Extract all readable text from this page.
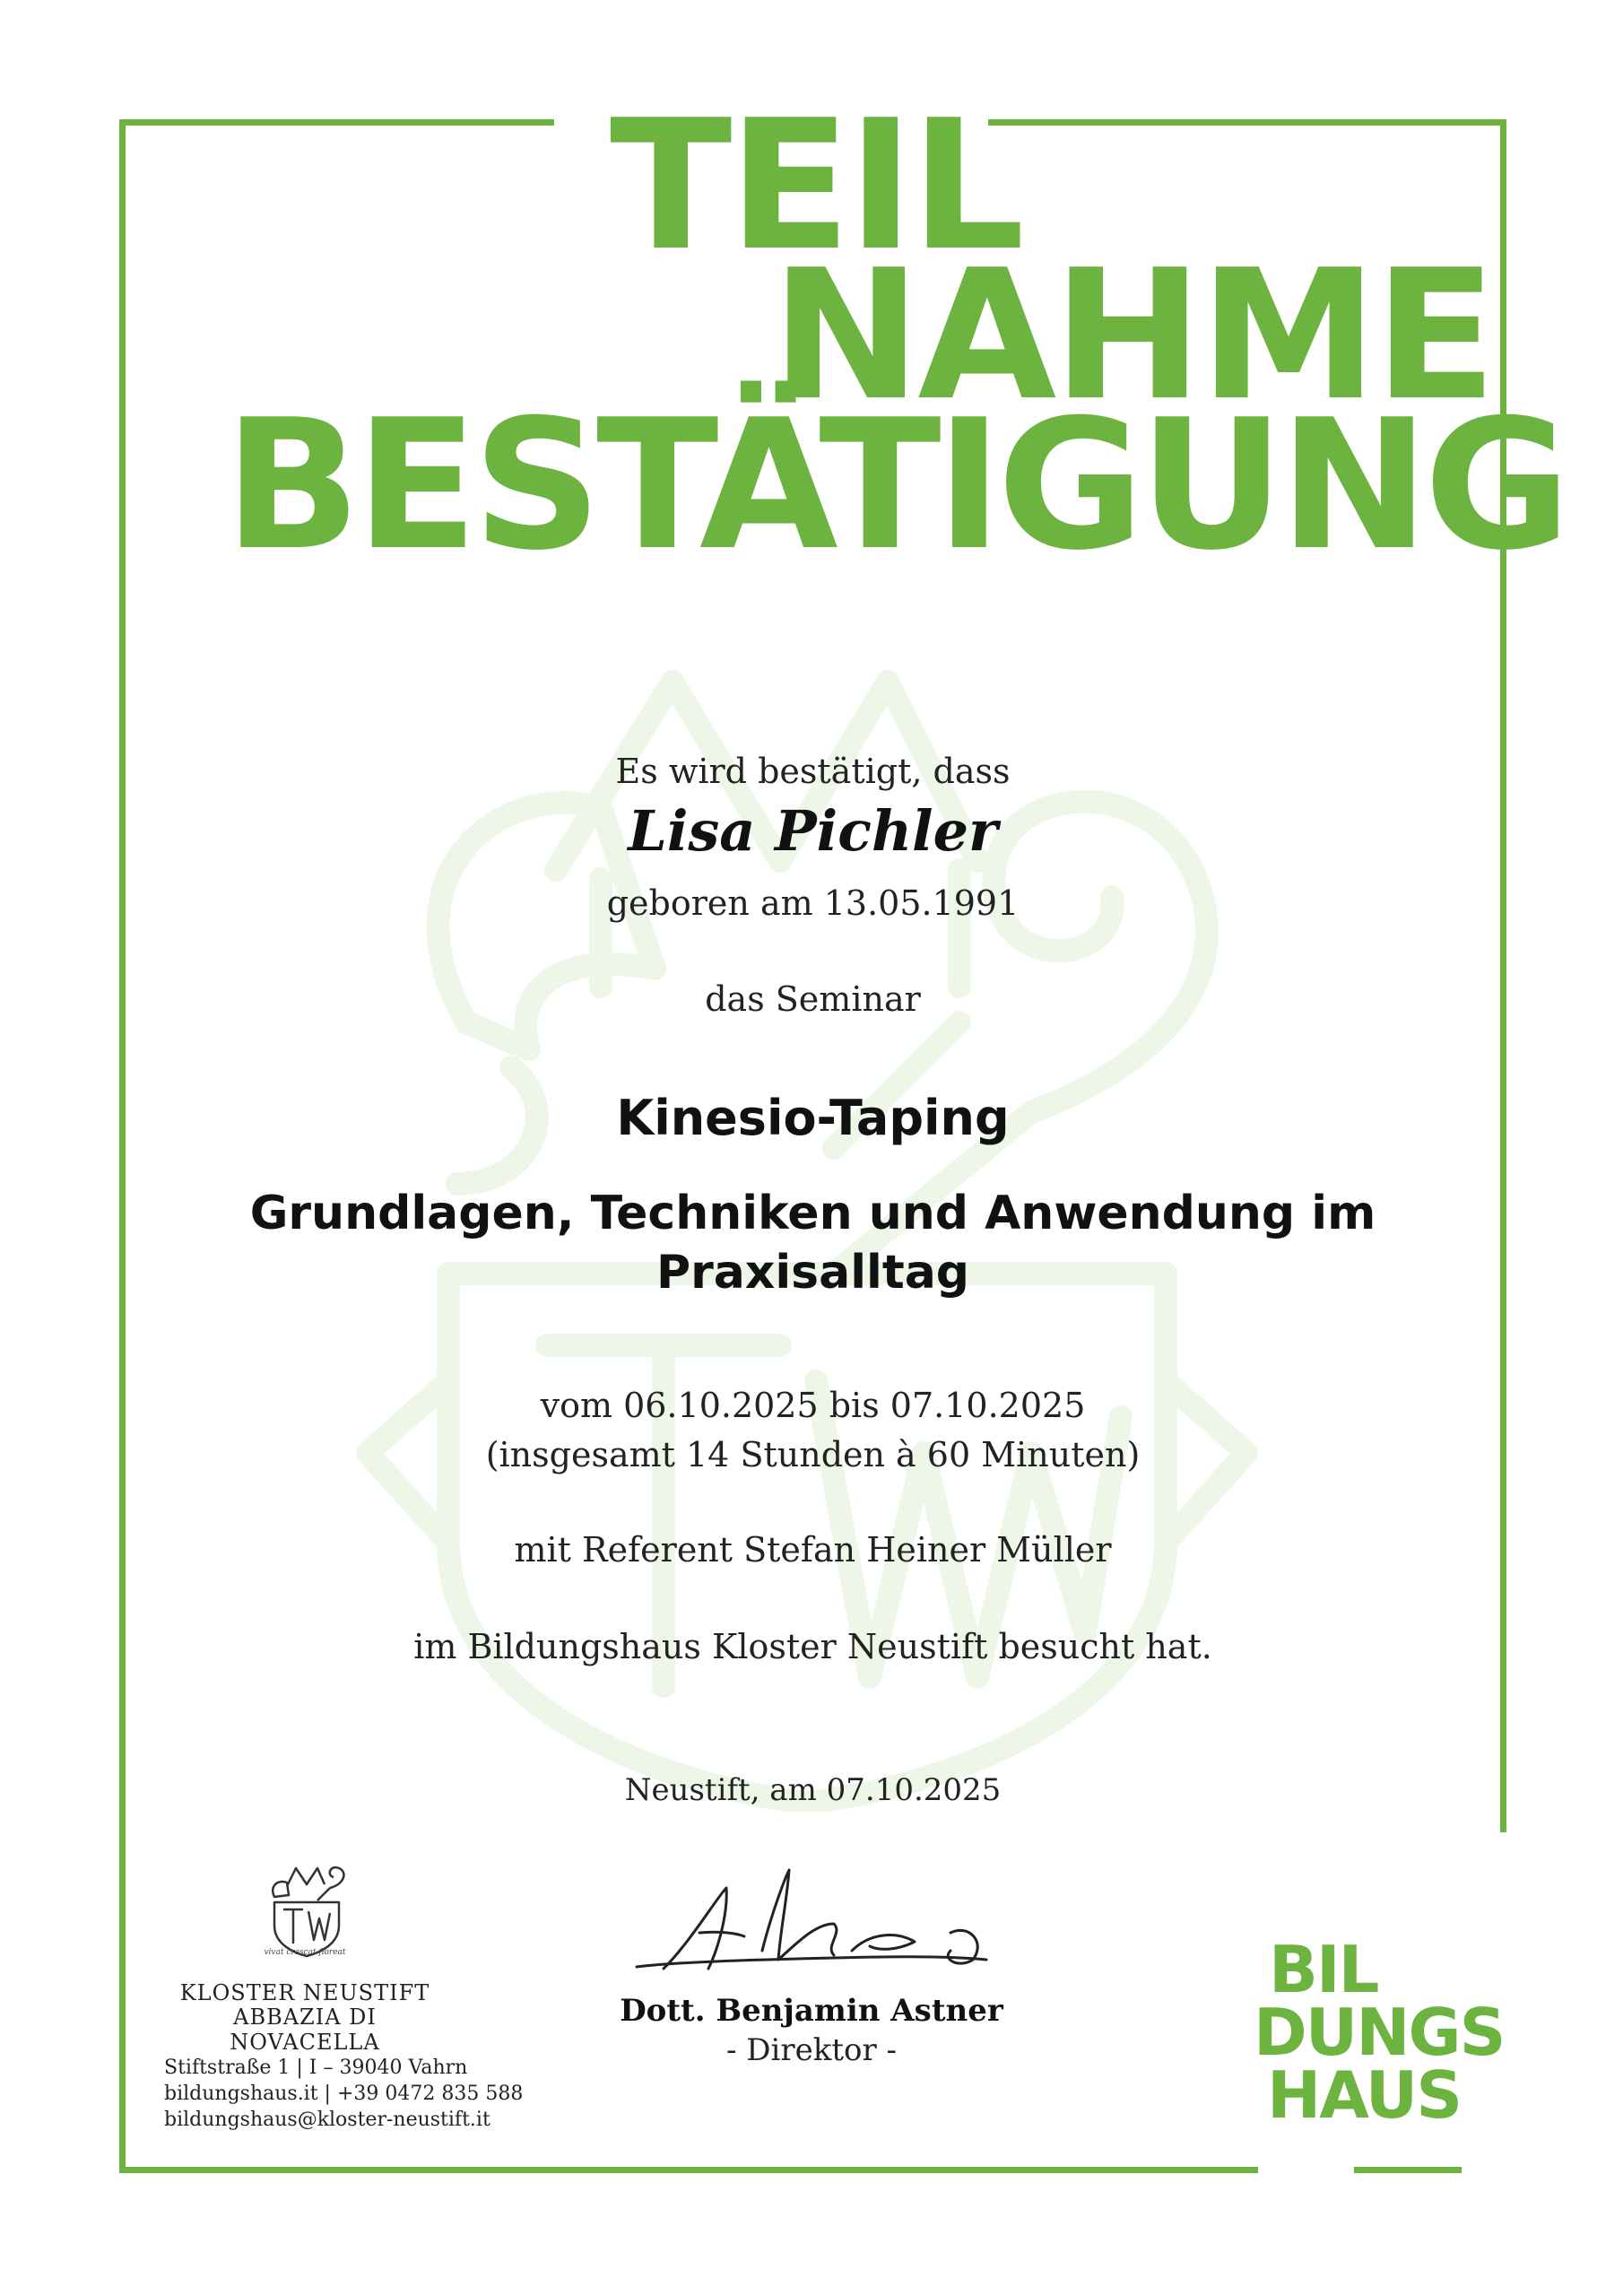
TEIL
NAHME
BESTÄTIGUNG
Es wird bestätigt, dass
Lisa Pichler
geboren am 13.05.1991
das Seminar
Kinesio-Taping
Grundlagen, Techniken und Anwendung im Praxisalltag
vom 06.10.2025 bis 07.10.2025
(insgesamt 14 Stunden à 60 Minuten)
mit Referent Stefan Heiner Müller
im Bildungshaus Kloster Neustift besucht hat.
Neustift, am 07.10.2025
vivat crescat floreat
KLOSTER NEUSTIFT
ABBAZIA DI NOVACELLA
Stiftstraße 1 | I – 39040 Vahrn
bildungshaus.it | +39 0472 835 588
bildungshaus@kloster-neustift.it
Dott. Benjamin Astner
- Direktor -
BIL
DUNGS
HAUS
